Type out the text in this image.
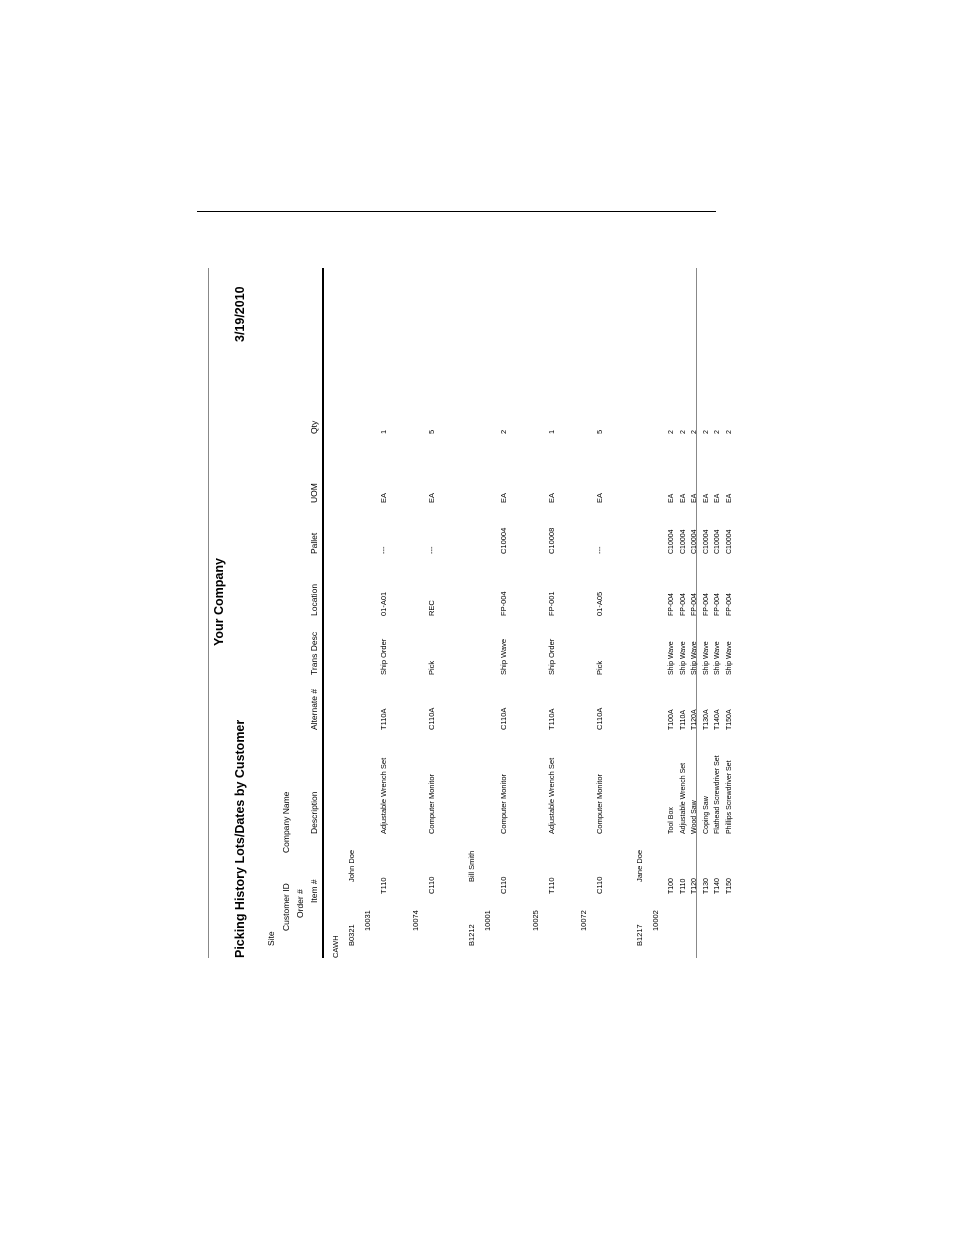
Picking History Lots/Dates by Customer
Your Company
3/19/2010
Site
Customer ID
Company Name
Order # Item #
Description
Alternate #
Trans Desc
Location
Pallet
UOM
Qty
CAWH
B0321
John Doe
10031
T110
Adjustable Wrench Set
T110A
Ship Order
01-A01
---
EA
1
10074
C110
Computer Monitor
C110A
Pick
REC
---
EA
5
B1212
Bill Smith
10001
C110
Computer Monitor
C110A
Ship Wave
FP-004
C10004
EA
2
10025
T110
Adjustable Wrench Set
T110A
Ship Order
FP-001
C10008
EA
1
10072
C110
Computer Monitor
C110A
Pick
01-A05
---
EA
5
B1217
Jane Doe
10002
T100
Tool Box
T100A
Ship Wave
FP-004
C10004
EA
2
T110
Adjustable Wrench Set
T110A
Ship Wave
FP-004
C10004
EA
2
T120
Wood Saw
T120A
Ship Wave
FP-004
C10004
EA
2
T130
Coping Saw
T130A
Ship Wave
FP-004
C10004
EA
2
T140
Flathead Screwdriver Set
T140A
Ship Wave
FP-004
C10004
EA
2
T150
Phillips Screwdriver Set
T150A
Ship Wave
FP-004
C10004
EA
2
